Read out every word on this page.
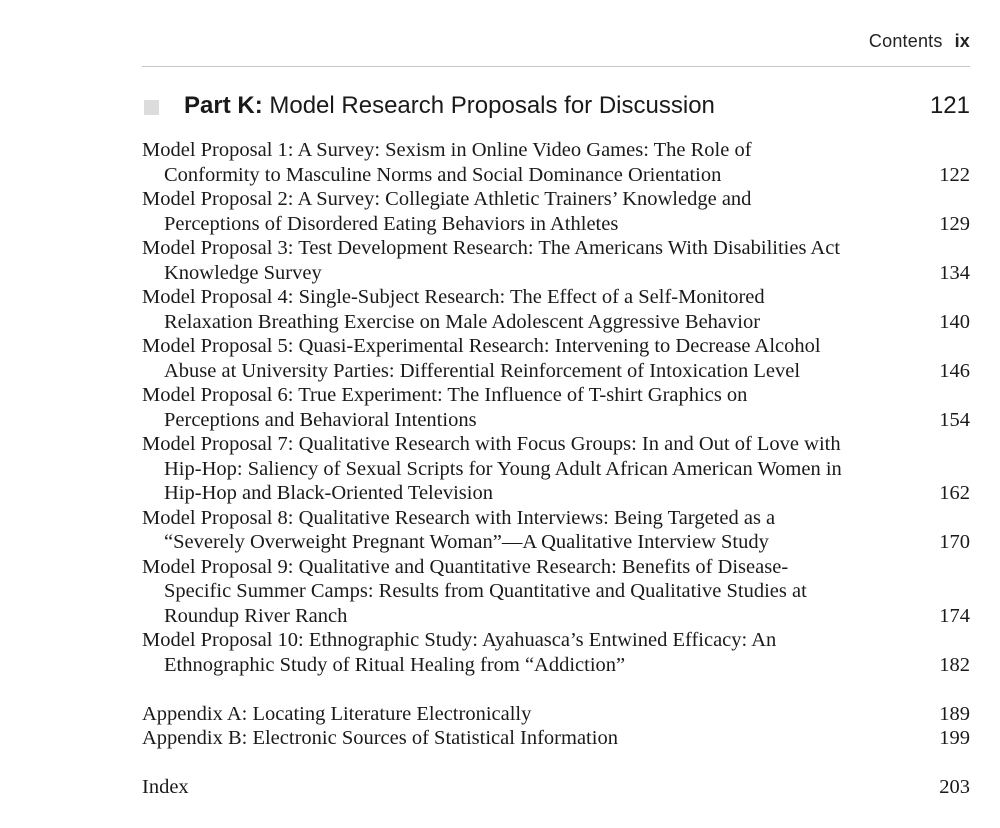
Contents ix
Part K: Model Research Proposals for Discussion	121
Model Proposal 1: A Survey: Sexism in Online Video Games: The Role of
Conformity to Masculine Norms and Social Dominance Orientation	122
Model Proposal 2: A Survey: Collegiate Athletic Trainers’ Knowledge and
Perceptions of Disordered Eating Behaviors in Athletes	129
Model Proposal 3: Test Development Research: The Americans With Disabilities Act
Knowledge Survey	134
Model Proposal 4: Single-Subject Research: The Effect of a Self-Monitored
Relaxation Breathing Exercise on Male Adolescent Aggressive Behavior	140
Model Proposal 5: Quasi-Experimental Research: Intervening to Decrease Alcohol
Abuse at University Parties: Differential Reinforcement of Intoxication Level	146
Model Proposal 6: True Experiment: The Influence of T-shirt Graphics on
Perceptions and Behavioral Intentions	154
Model Proposal 7: Qualitative Research with Focus Groups: In and Out of Love with
Hip-Hop: Saliency of Sexual Scripts for Young Adult African American Women in
Hip-Hop and Black-Oriented Television	162
Model Proposal 8: Qualitative Research with Interviews: Being Targeted as a
“Severely Overweight Pregnant Woman”—A Qualitative Interview Study	170
Model Proposal 9: Qualitative and Quantitative Research: Benefits of Disease-
Specific Summer Camps: Results from Quantitative and Qualitative Studies at
Roundup River Ranch	174
Model Proposal 10: Ethnographic Study: Ayahuasca’s Entwined Efficacy: An
Ethnographic Study of Ritual Healing from “Addiction”	182
Appendix A: Locating Literature Electronically	189
Appendix B: Electronic Sources of Statistical Information	199
Index	203
